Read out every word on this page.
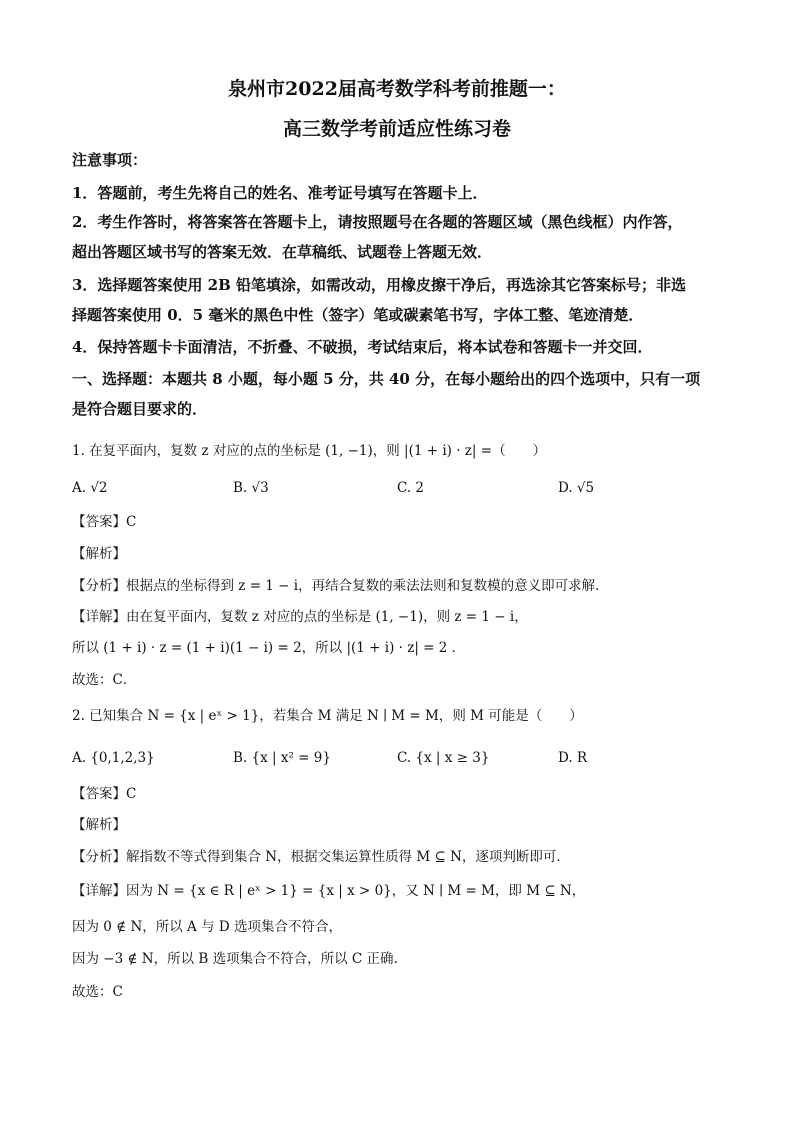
泉州市2022届高考数学科考前推题一：
高三数学考前适应性练习卷
注意事项：
1．答题前，考生先将自己的姓名、准考证号填写在答题卡上．
2．考生作答时，将答案答在答题卡上，请按照题号在各题的答题区域（黑色线框）内作答，
超出答题区域书写的答案无效．在草稿纸、试题卷上答题无效．
3．选择题答案使用 2B 铅笔填涂，如需改动，用橡皮擦干净后，再选涂其它答案标号；非选
择题答案使用 0．5 毫米的黑色中性（签字）笔或碳素笔书写，字体工整、笔迹清楚．
4．保持答题卡卡面清洁，不折叠、不破损，考试结束后，将本试卷和答题卡一并交回．
一、选择题：本题共 8 小题，每小题 5 分，共 40 分，在每小题给出的四个选项中，只有一项
是符合题目要求的．
1. 在复平面内，复数 z 对应的点的坐标是 (1, −1)，则 |(1 + i) · z| =（　　）
A. √2	B. √3	C. 2	D. √5
【答案】C
【解析】
【分析】根据点的坐标得到 z = 1 − i，再结合复数的乘法法则和复数模的意义即可求解．
【详解】由在复平面内，复数 z 对应的点的坐标是 (1, −1)，则 z = 1 − i，
所以 (1 + i) · z = (1 + i)(1 − i) = 2，所以 |(1 + i) · z| = 2 ．
故选：C．
2. 已知集合 N = {x | eˣ > 1}，若集合 M 满足 N ∣ M = M，则 M 可能是（　　）
A. {0,1,2,3}	B. {x | x² = 9}	C. {x | x ≥ 3}	D. R
【答案】C
【解析】
【分析】解指数不等式得到集合 N，根据交集运算性质得 M ⊆ N，逐项判断即可．
【详解】因为 N = {x ∈ R | eˣ > 1} = {x | x > 0}，又 N ∣ M = M，即 M ⊆ N，
因为 0 ∉ N，所以 A 与 D 选项集合不符合，
因为 −3 ∉ N，所以 B 选项集合不符合，所以 C 正确.
故选：C
